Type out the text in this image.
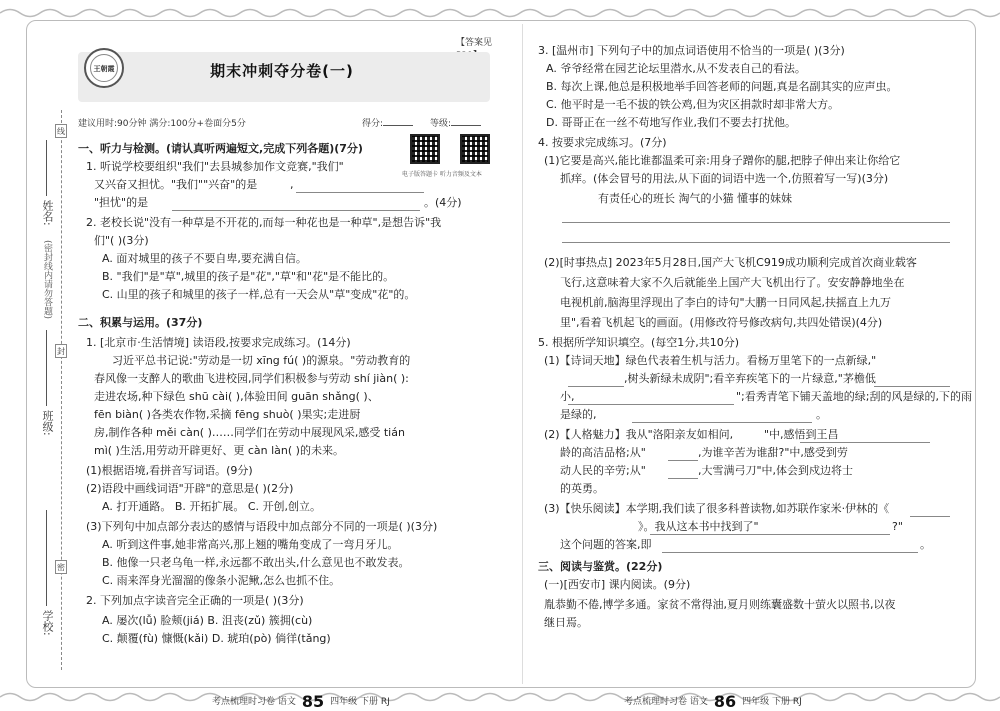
姓名:
(密封线内请勿答题)
班级:
学校:
线
封
密
【答案见
王朝霞	期末冲刺夺分卷(一)
建议用时:90分钟 满分:100分+卷面分5分	得分:	等级:
电子版答题卡 听力音频及文本
一、听力与检测。(请认真听两遍短文,完成下列各题)(7分)
1. 听说学校要组织"我们"去县城参加作文竞赛,"我们"
又兴奋又担忧。"我们""兴奋"的是	,
"担忧"的是	。(4分)
2. 老校长说"没有一种草是不开花的,而每一种花也是一种草",是想告诉"我
们"( )(3分)
A. 面对城里的孩子不要自卑,要充满自信。
B. "我们"是"草",城里的孩子是"花","草"和"花"是不能比的。
C. 山里的孩子和城里的孩子一样,总有一天会从"草"变成"花"的。
二、积累与运用。(37分)
1. [北京市·生活情境] 读语段,按要求完成练习。(14分)
习近平总书记说:"劳动是一切 xīng fú( )的源泉。"劳动教育的
春风像一支醉人的歌曲飞进校园,同学们积极参与劳动 shí jiàn( ):
走进农场,种下绿色 shū cài( ),体验田间 guān shǎng( )、
fēn biàn( )各类农作物,采摘 fēng shuò( )果实;走进厨
房,制作各种 měi càn( )……同学们在劳动中展现风采,感受 tián
mì( )生活,用劳动开辟更好、更 càn làn( )的未来。
(1)根据语境,看拼音写词语。(9分)
(2)语段中画线词语"开辟"的意思是( )(2分)
A. 打开通路。 B. 开拓扩展。 C. 开创,创立。
(3)下列句中加点部分表达的感情与语段中加点部分不同的一项是( )(3分)
A. 听到这件事,她非常高兴,那上翘的嘴角变成了一弯月牙儿。
B. 他像一只老乌龟一样,永远都不敢出头,什么意见也不敢发表。
C. 雨来浑身光溜溜的像条小泥鳅,怎么也抓不住。
2. 下列加点字读音完全正确的一项是( )(3分)
A. 屡次(lǚ) 脸颊(jiá) B. 沮丧(zǔ) 簇拥(cù)
C. 颠覆(fù) 慷慨(kǎi) D. 琥珀(pò) 倘徉(tǎng)
考点梳理时习卷 语文 85 四年级 下册 RJ
3. [温州市] 下列句子中的加点词语使用不恰当的一项是( )(3分)
A. 爷爷经常在园艺论坛里潜水,从不发表自己的看法。
B. 每次上课,他总是积极地举手回答老师的问题,真是名副其实的应声虫。
C. 他平时是一毛不拔的铁公鸡,但为灾区捐款时却非常大方。
D. 哥哥正在一丝不苟地写作业,我们不要去打扰他。
4. 按要求完成练习。(7分)
(1)它要是高兴,能比谁都温柔可亲:用身子蹭你的腿,把脖子伸出来让你给它
抓痒。(体会冒号的用法,从下面的词语中选一个,仿照着写一写)(3分)
有责任心的班长 淘气的小猫 懂事的妹妹
(2)[时事热点] 2023年5月28日,国产大飞机C919成功顺利完成首次商业载客
飞行,这意味着大家不久后就能坐上国产大飞机出行了。安安静静地坐在
电视机前,脑海里浮现出了李白的诗句"大鹏一日同风起,扶摇直上九万
里",看着飞机起飞的画面。(用修改符号修改病句,共四处错误)(4分)
5. 根据所学知识填空。(每空1分,共10分)
(1)【诗词天地】绿色代表着生机与活力。看杨万里笔下的一点新绿,"
,树头新绿未成阴";看辛弃疾笔下的一片绿意,"茅檐低
小,	";看秀青笔下铺天盖地的绿;刮的风是绿的,下的雨
是绿的,	。
(2)【人格魅力】我从"洛阳亲友如相问,	"中,感悟到王昌
龄的高洁品格;从"	,为谁辛苦为谁甜?"中,感受到劳
动人民的辛劳;从"	,大雪满弓刀"中,体会到戍边将士
的英勇。
(3)【快乐阅读】本学期,我们读了很多科普读物,如苏联作家米·伊林的《
》。我从这本书中找到了"	?"
这个问题的答案,即	。
三、阅读与鉴赏。(22分)
(一)[西安市] 课内阅读。(9分)
胤恭勤不倦,博学多通。家贫不常得油,夏月则练囊盛数十萤火以照书,以夜
继日焉。
考点梳理时习卷 语文 86 四年级 下册 RJ
